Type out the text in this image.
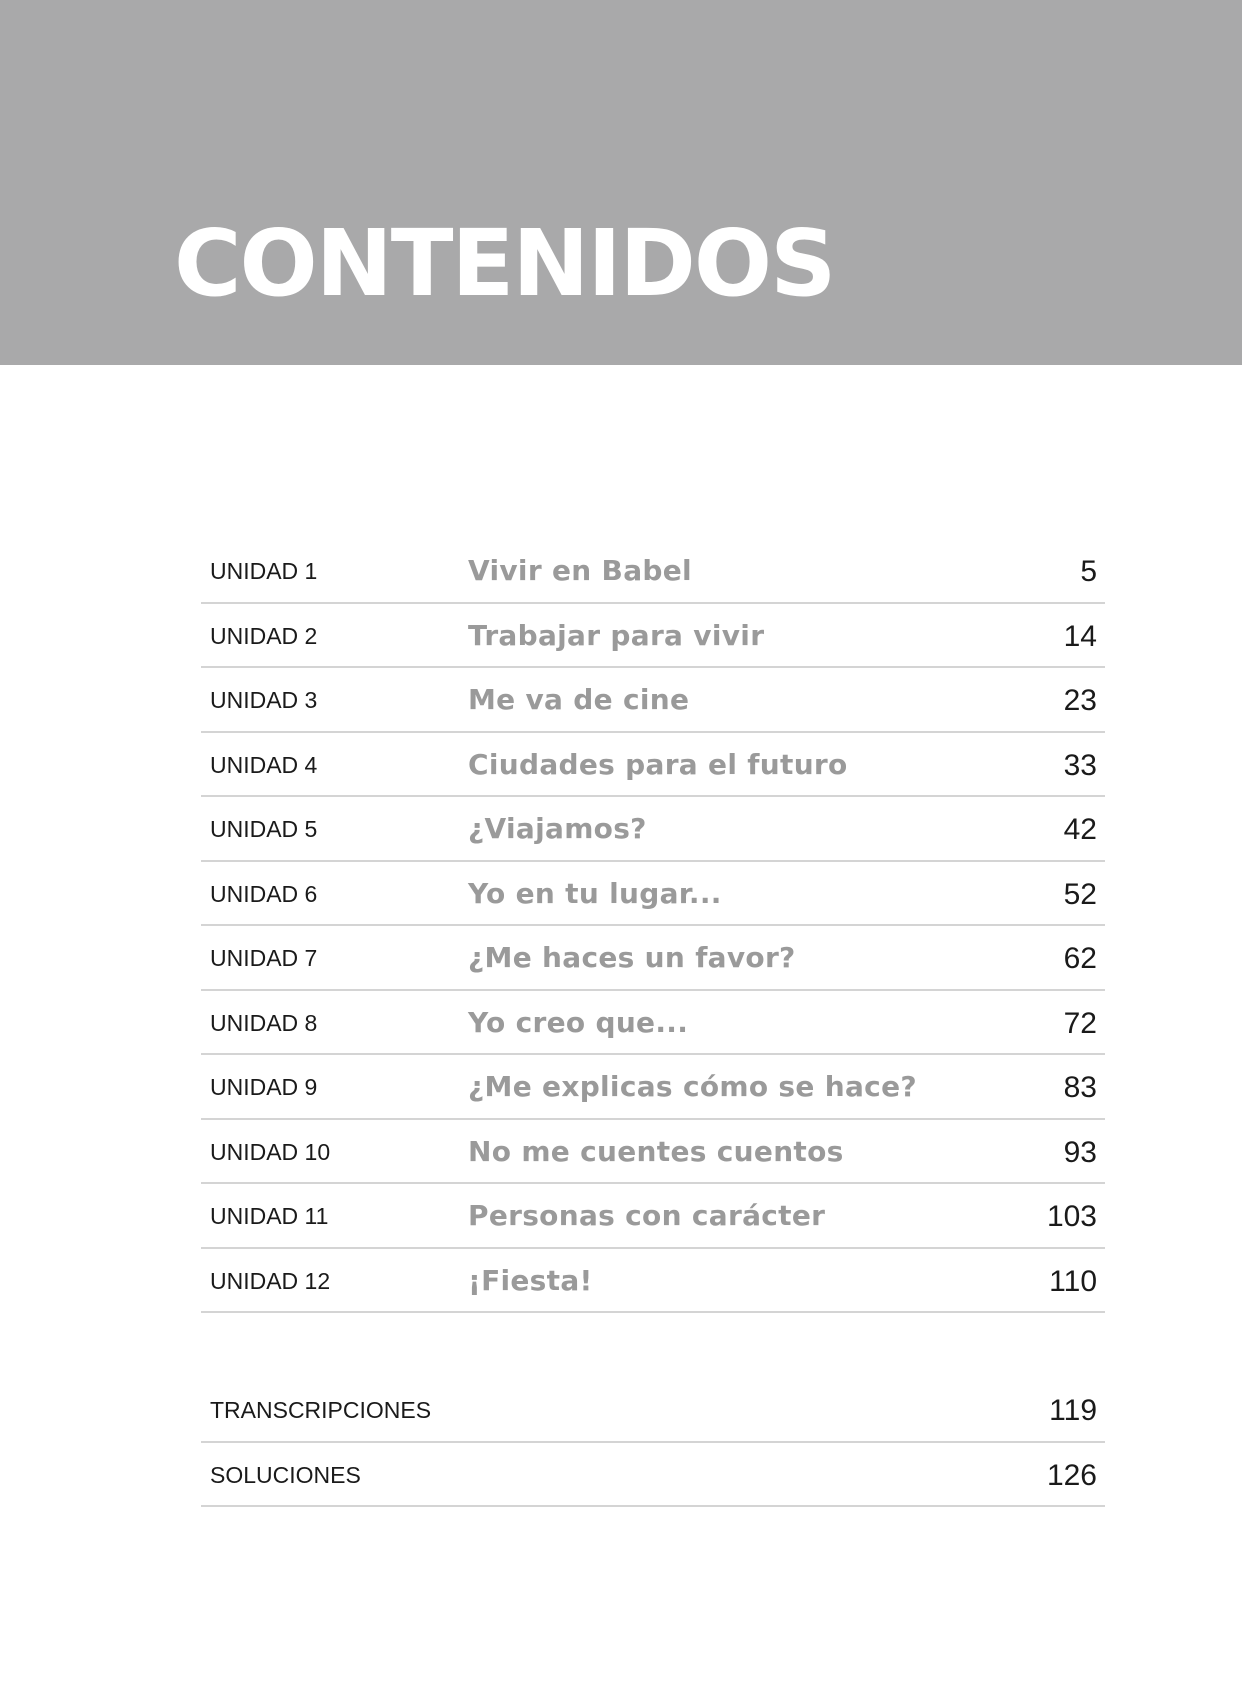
CONTENIDOS
UNIDAD 1	Vivir en Babel	5
UNIDAD 2	Trabajar para vivir	14
UNIDAD 3	Me va de cine	23
UNIDAD 4	Ciudades para el futuro	33
UNIDAD 5	¿Viajamos?	42
UNIDAD 6	Yo en tu lugar...	52
UNIDAD 7	¿Me haces un favor?	62
UNIDAD 8	Yo creo que...	72
UNIDAD 9	¿Me explicas cómo se hace?	83
UNIDAD 10	No me cuentes cuentos	93
UNIDAD 11	Personas con carácter	103
UNIDAD 12	¡Fiesta!	110
TRANSCRIPCIONES	119
SOLUCIONES	126
